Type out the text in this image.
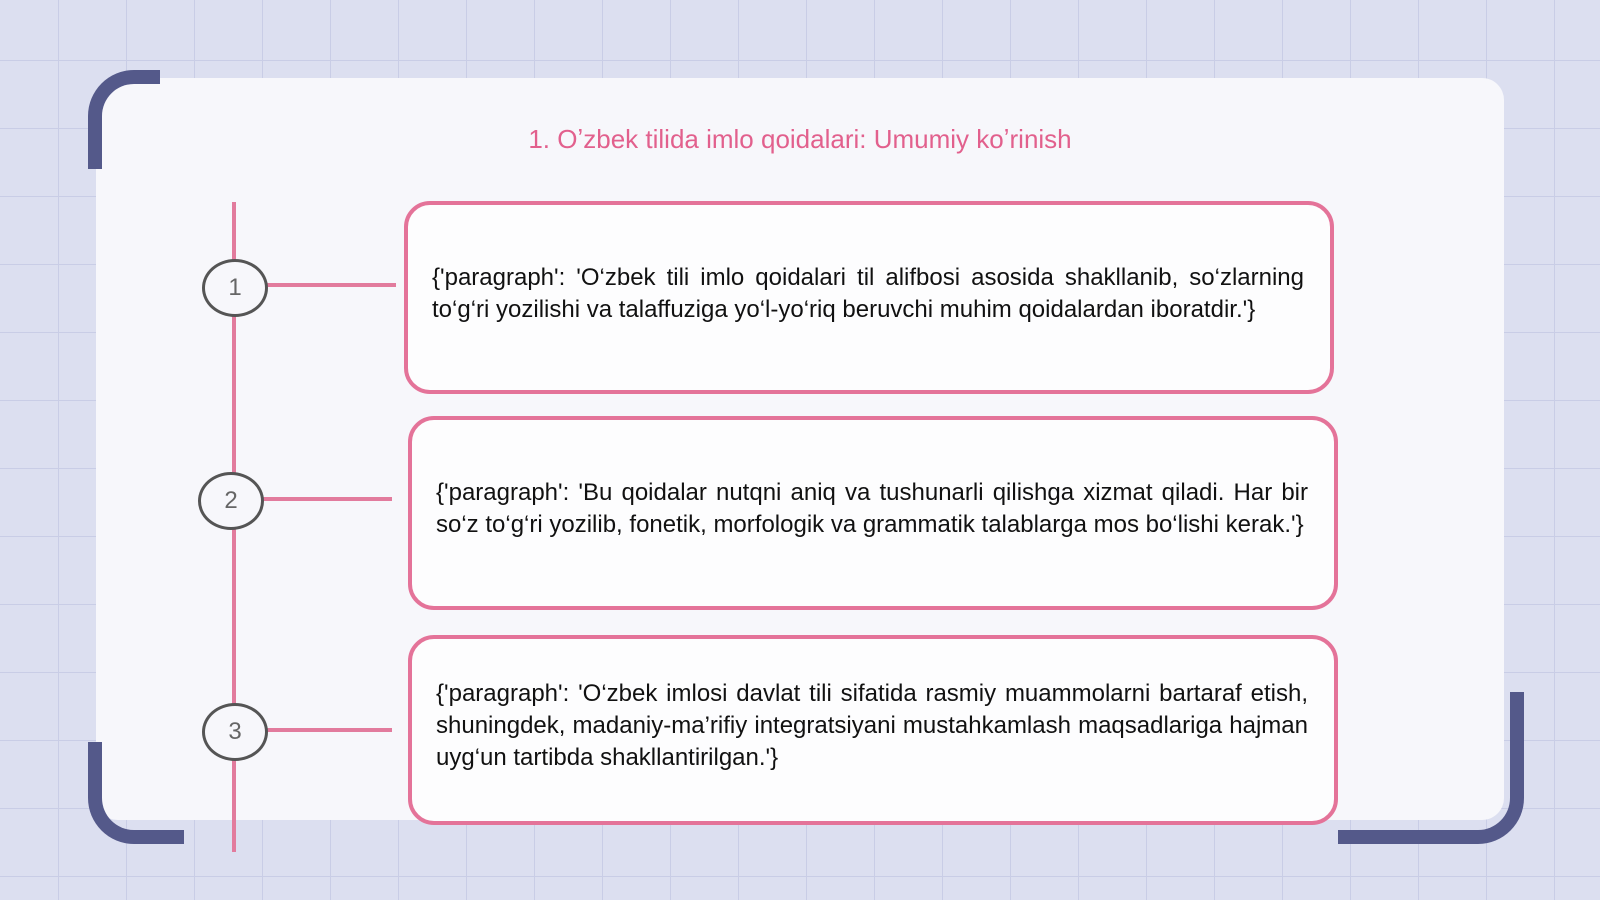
1. Oʼzbek tilida imlo qoidalari: Umumiy koʼrinish
1
2
3

{'paragraph': 'O‘zbek tili imlo qoidalari til alifbosi asosida shakllanib, so‘zlarning to‘g‘ri yozilishi va talaffuziga yo‘l-yo‘riq beruvchi muhim qoidalardan iboratdir.'}

{'paragraph': 'Bu qoidalar nutqni aniq va tushunarli qilishga xizmat qiladi. Har bir so‘z to‘g‘ri yozilib, fonetik, morfologik va grammatik talablarga mos bo‘lishi kerak.'}

{'paragraph': 'O‘zbek imlosi davlat tili sifatida rasmiy muammolarni bartaraf etish, shuningdek, madaniy-ma’rifiy integratsiyani mustahkamlash maqsadlariga hajman uyg‘un tartibda shakllantirilgan.'}
